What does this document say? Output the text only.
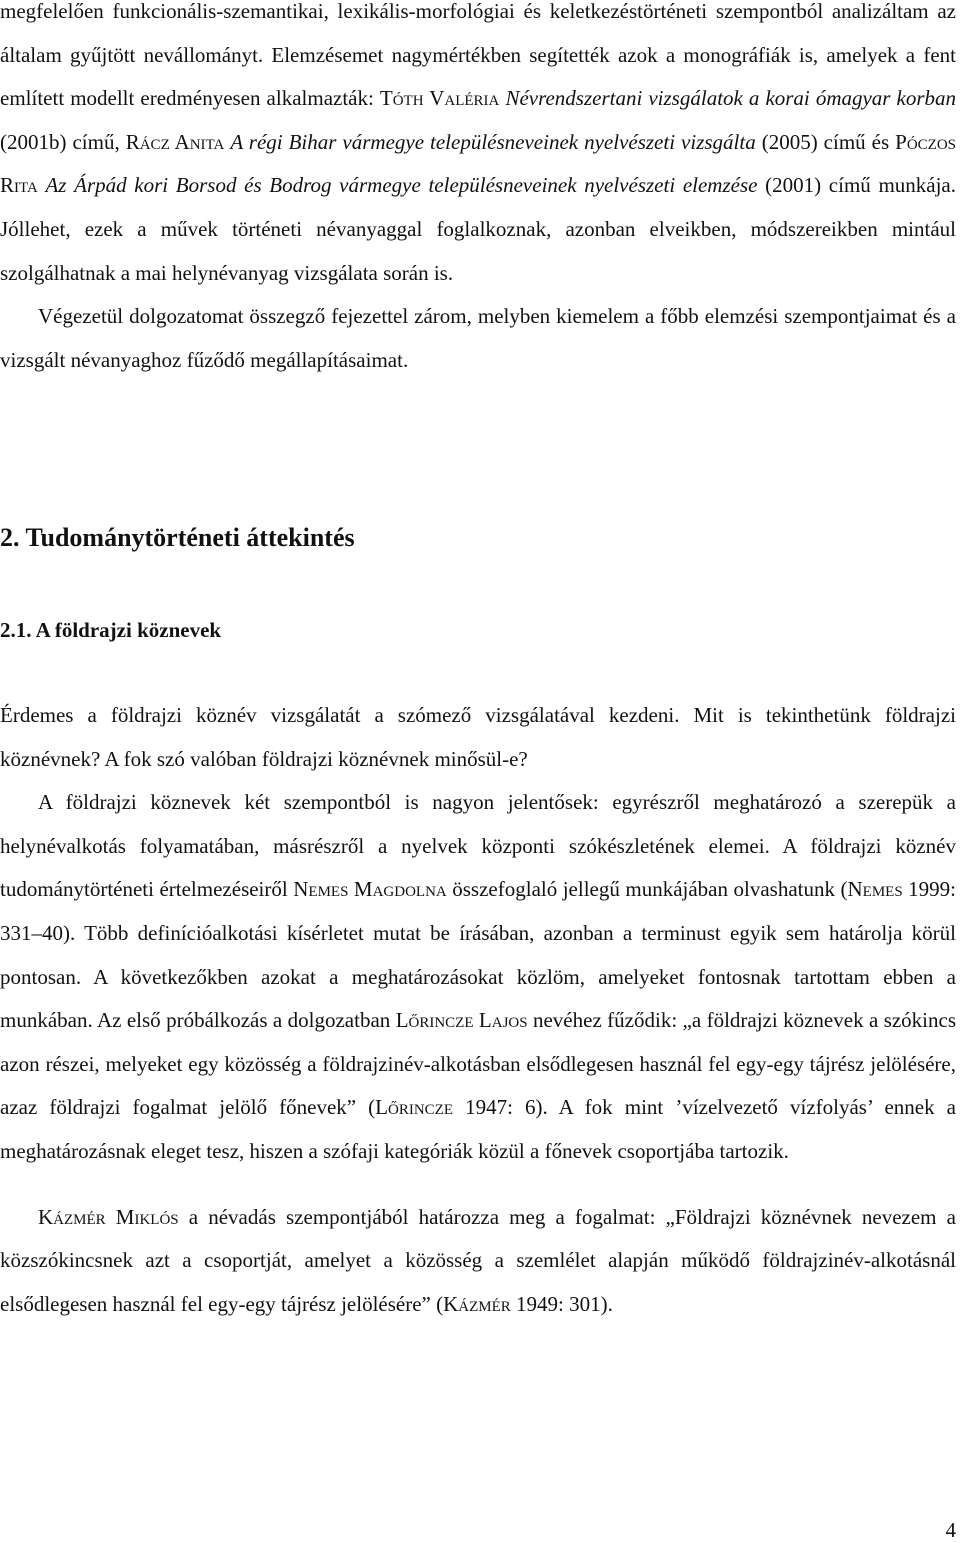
megfelelően funkcionális-szemantikai, lexikális-morfológiai és keletkezéstörténeti szempontból analizáltam az általam gyűjtött nevállományt. Elemzésemet nagymértékben segítették azok a monográfiák is, amelyek a fent említett modellt eredményesen alkalmazták: Tóth Valéria Névrendszertani vizsgálatok a korai ómagyar korban (2001b) című, Rácz Anita A régi Bihar vármegye településneveinek nyelvészeti vizsgálta (2005) című és Póczos Rita Az Árpád kori Borsod és Bodrog vármegye településneveinek nyelvészeti elemzése (2001) című munkája. Jóllehet, ezek a művek történeti névanyaggal foglalkoznak, azonban elveikben, módszereikben mintául szolgálhatnak a mai helynévanyag vizsgálata során is.

Végezetül dolgozatomat összegző fejezettel zárom, melyben kiemelem a főbb elemzési szempontjaimat és a vizsgált névanyaghoz fűződő megállapításaimat.

2. Tudománytörténeti áttekintés
2.1. A földrajzi köznevek

Érdemes a földrajzi köznév vizsgálatát a szómező vizsgálatával kezdeni. Mit is tekinthetünk földrajzi köznévnek? A fok szó valóban földrajzi köznévnek minősül-e?

A földrajzi köznevek két szempontból is nagyon jelentősek: egyrészről meghatározó a szerepük a helynévalkotás folyamatában, másrészről a nyelvek központi szókészletének elemei. A földrajzi köznév tudománytörténeti értelmezéseiről Nemes Magdolna összefoglaló jellegű munkájában olvashatunk (Nemes 1999: 331–40). Több definícióalkotási kísérletet mutat be írásában, azonban a terminust egyik sem határolja körül pontosan. A következőkben azokat a meghatározásokat közlöm, amelyeket fontosnak tartottam ebben a munkában. Az első próbálkozás a dolgozatban Lőrincze Lajos nevéhez fűződik: „a földrajzi köznevek a szókincs azon részei, melyeket egy közösség a földrajzinév-alkotásban elsődlegesen használ fel egy-egy tájrész jelölésére, azaz földrajzi fogalmat jelölő főnevek” (Lőrincze 1947: 6). A fok mint ’vízelvezető vízfolyás’ ennek a meghatározásnak eleget tesz, hiszen a szófaji kategóriák közül a főnevek csoportjába tartozik.

Kázmér Miklós a névadás szempontjából határozza meg a fogalmat: „Földrajzi köznévnek nevezem a közszókincsnek azt a csoportját, amelyet a közösség a szemlélet alapján működő földrajzinév-alkotásnál elsődlegesen használ fel egy-egy tájrész jelölésére” (Kázmér 1949: 301).

4
